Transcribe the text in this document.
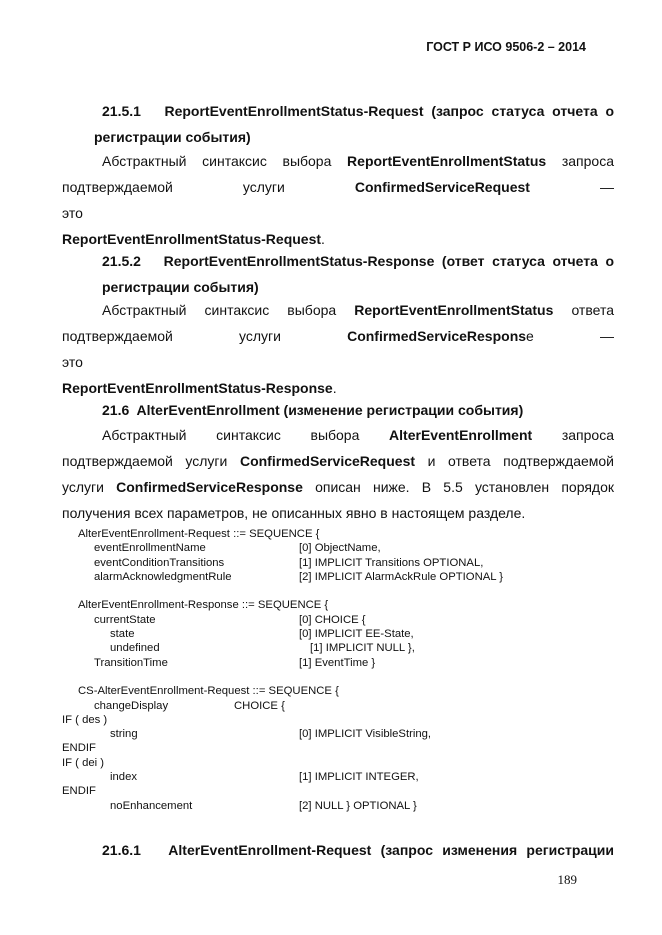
ГОСТ Р ИСО 9506-2 – 2014
21.5.1 ReportEventEnrollmentStatus-Request (запрос статуса отчета о
регистрации события)
Абстрактный синтаксис выбора ReportEventEnrollmentStatus запроса
подтверждаемой услуги ConfirmedServiceRequest — это
ReportEventEnrollmentStatus-Request.
21.5.2 ReportEventEnrollmentStatus-Response (ответ статуса отчета о
регистрации события)
Абстрактный синтаксис выбора ReportEventEnrollmentStatus ответа
подтверждаемой услуги ConfirmedServiceResponse — это
ReportEventEnrollmentStatus-Response.
21.6 AlterEventEnrollment (изменение регистрации события)
Абстрактный синтаксис выбора AlterEventEnrollment запроса
подтверждаемой услуги ConfirmedServiceRequest и ответа подтверждаемой
услуги ConfirmedServiceResponse описан ниже. В 5.5 установлен порядок
получения всех параметров, не описанных явно в настоящем разделе.
AlterEventEnrollment-Request ::= SEQUENCE {
eventEnrollmentName	[0] ObjectName,
eventConditionTransitions	[1] IMPLICIT Transitions OPTIONAL,
alarmAcknowledgmentRule	[2] IMPLICIT AlarmAckRule OPTIONAL }
AlterEventEnrollment-Response ::= SEQUENCE {
currentState	[0] CHOICE {
state	[0] IMPLICIT EE-State,
undefined	[1] IMPLICIT NULL },
TransitionTime	[1] EventTime }
CS-AlterEventEnrollment-Request ::= SEQUENCE {
changeDisplay	CHOICE {
IF ( des )
string	[0] IMPLICIT VisibleString,
ENDIF
IF ( dei )
index	[1] IMPLICIT INTEGER,
ENDIF
noEnhancement	[2] NULL } OPTIONAL }
21.6.1 AlterEventEnrollment-Request (запрос изменения регистрации
189
